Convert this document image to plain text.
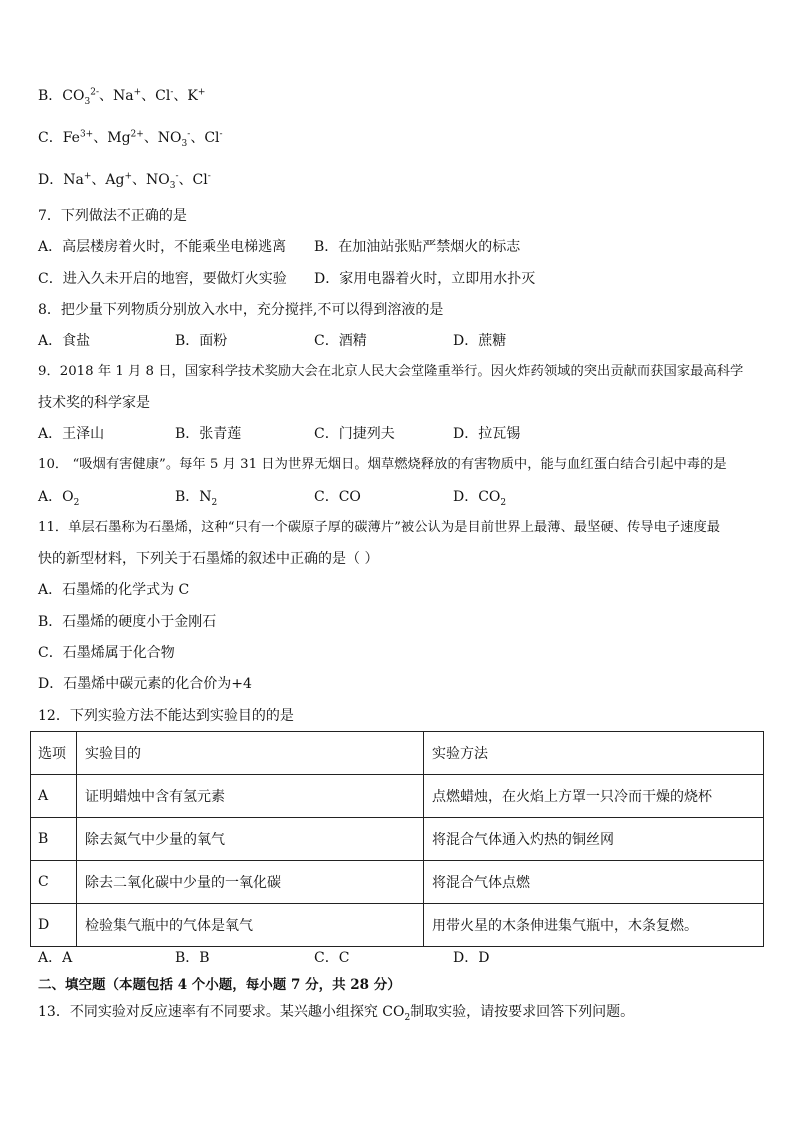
B．$CO_3^{2-}$、Na+、Cl-、K+
C．$Fe^{3+}$、$Mg^{2+}$、$NO_3^-$、Cl-
D．Na+、Ag+、$NO_3^-$、Cl-
7．下列做法不正确的是
A．高层楼房着火时，不能乘坐电梯逃离 B．在加油站张贴严禁烟火的标志
C．进入久未开启的地窖，要做灯火实验 D．家用电器着火时，立即用水扑灭
8．把少量下列物质分别放入水中，充分搅拌,不可以得到溶液的是
A．食盐	B．面粉	C．酒精	D．蔗糖
9．2018 年 1 月 8 日，国家科学技术奖励大会在北京人民大会堂隆重举行。因火炸药领域的突出贡献而获国家最高科学
技术奖的科学家是
A．王泽山	B．张青莲	C．门捷列夫	D．拉瓦锡
10． “吸烟有害健康”。每年 5 月 31 日为世界无烟日。烟草燃烧释放的有害物质中，能与血红蛋白结合引起中毒的是
A．$O_2$	B．$N_2$	C．CO	D．$CO_2$
11．单层石墨称为石墨烯，这种“只有一个碳原子厚的碳薄片”被公认为是目前世界上最薄、最坚硬、传导电子速度最
快的新型材料，下列关于石墨烯的叙述中正确的是（ ）
A．石墨烯的化学式为 C
B．石墨烯的硬度小于金刚石
C．石墨烯属于化合物
D．石墨烯中碳元素的化合价为+4
12．下列实验方法不能达到实验目的的是
选项	实验目的	实验方法
A	证明蜡烛中含有氢元素	点燃蜡烛，在火焰上方罩一只冷而干燥的烧杯
B	除去氮气中少量的氧气	将混合气体通入灼热的铜丝网
C	除去二氧化碳中少量的一氧化碳	将混合气体点燃
D	检验集气瓶中的气体是氧气	用带火星的木条伸进集气瓶中，木条复燃。
A．A	B．B	C．C	D．D
二、填空题（本题包括 4 个小题，每小题 7 分，共 28 分）
13．不同实验对反应速率有不同要求。某兴趣小组探究 $CO_2$制取实验，请按要求回答下列问题。
